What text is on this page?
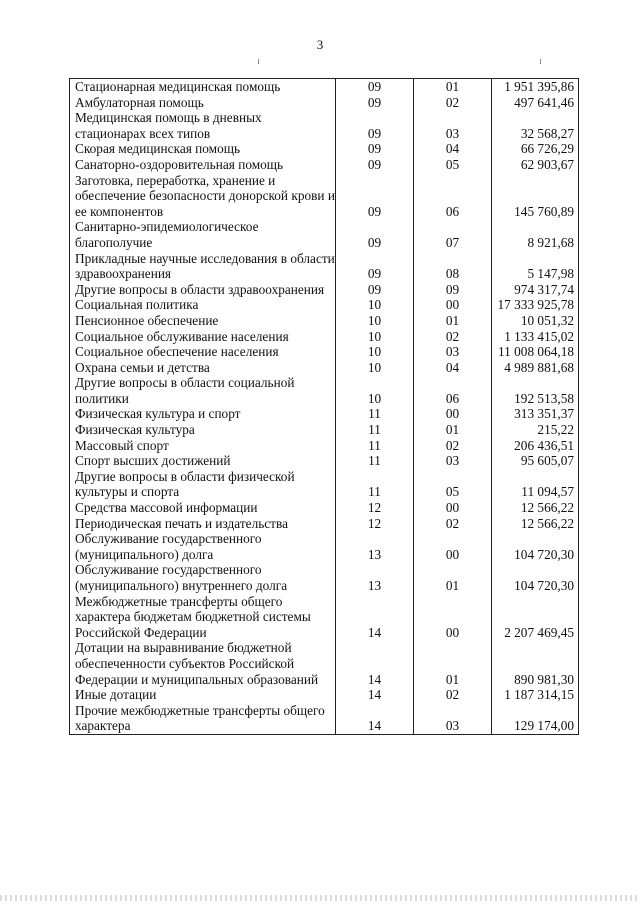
3
Стационарная медицинская помощь	09	01	1 951 395,86
Амбулаторная помощь	09	02	497 641,46
Медицинская помощь в дневных стационарах всех типов	09	03	32 568,27
Скорая медицинская помощь	09	04	66 726,29
Санаторно-оздоровительная помощь	09	05	62 903,67
Заготовка, переработка, хранение и обеспечение безопасности донорской крови и ее компонентов	09	06	145 760,89
Санитарно-эпидемиологическое благополучие	09	07	8 921,68
Прикладные научные исследования в области здравоохранения	09	08	5 147,98
Другие вопросы в области здравоохранения	09	09	974 317,74
Социальная политика	10	00	17 333 925,78
Пенсионное обеспечение	10	01	10 051,32
Социальное обслуживание населения	10	02	1 133 415,02
Социальное обеспечение населения	10	03	11 008 064,18
Охрана семьи и детства	10	04	4 989 881,68
Другие вопросы в области социальной политики	10	06	192 513,58
Физическая культура и спорт	11	00	313 351,37
Физическая культура	11	01	215,22
Массовый спорт	11	02	206 436,51
Спорт высших достижений	11	03	95 605,07
Другие вопросы в области физической культуры и спорта	11	05	11 094,57
Средства массовой информации	12	00	12 566,22
Периодическая печать и издательства	12	02	12 566,22
Обслуживание государственного (муниципального) долга	13	00	104 720,30
Обслуживание государственного (муниципального) внутреннего долга	13	01	104 720,30
Межбюджетные трансферты общего характера бюджетам бюджетной системы Российской Федерации	14	00	2 207 469,45
Дотации на выравнивание бюджетной обеспеченности субъектов Российской Федерации и муниципальных образований	14	01	890 981,30
Иные дотации	14	02	1 187 314,15
Прочие межбюджетные трансферты общего характера	14	03	129 174,00
